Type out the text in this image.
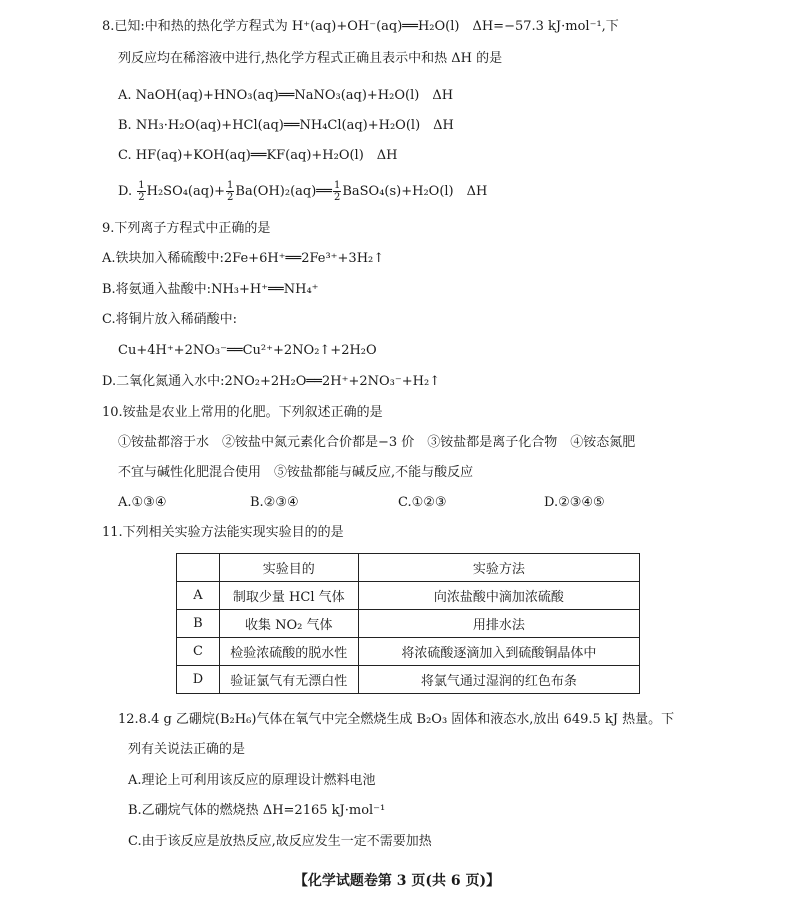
8.已知:中和热的热化学方程式为 H⁺(aq)+OH⁻(aq)══H₂O(l)　ΔH=−57.3 kJ·mol⁻¹,下
列反应均在稀溶液中进行,热化学方程式正确且表示中和热 ΔH 的是
A. NaOH(aq)+HNO₃(aq)══NaNO₃(aq)+H₂O(l)　ΔH
B. NH₃·H₂O(aq)+HCl(aq)══NH₄Cl(aq)+H₂O(l)　ΔH
C. HF(aq)+KOH(aq)══KF(aq)+H₂O(l)　ΔH
D. $\frac{1}{2} H_2SO_4(aq)+ \frac{1}{2}$ Ba(OH)₂(aq)══ $\frac{1}{2}$ BaSO₄(s)+H₂O(l)　ΔH
9.下列离子方程式中正确的是
A.铁块加入稀硫酸中:2Fe+6H⁺══2Fe³⁺+3H₂↑
B.将氨通入盐酸中:NH₃+H⁺══NH₄⁺
C.将铜片放入稀硝酸中:
Cu+4H⁺+2NO₃⁻══Cu²⁺+2NO₂↑+2H₂O
D.二氧化氮通入水中:2NO₂+2H₂O══2H⁺+2NO₃⁻+H₂↑
10.铵盐是农业上常用的化肥。下列叙述正确的是
①铵盐都溶于水　②铵盐中氮元素化合价都是−3 价　③铵盐都是离子化合物　④铵态氮肥
不宜与碱性化肥混合使用　⑤铵盐都能与碱反应,不能与酸反应
A.①③④	B.②③④	C.①②③	D.②③④⑤
11.下列相关实验方法能实现实验目的的是
	实验目的	实验方法
A	制取少量 HCl 气体	向浓盐酸中滴加浓硫酸
B	收集 NO₂ 气体	用排水法
C	检验浓硫酸的脱水性	将浓硫酸逐滴加入到硫酸铜晶体中
D	验证氯气有无漂白性	将氯气通过湿润的红色布条
12.8.4 g 乙硼烷(B₂H₆)气体在氧气中完全燃烧生成 B₂O₃ 固体和液态水,放出 649.5 kJ 热量。下
列有关说法正确的是
A.理论上可利用该反应的原理设计燃料电池
B.乙硼烷气体的燃烧热 ΔH=2165 kJ·mol⁻¹
C.由于该反应是放热反应,故反应发生一定不需要加热
【化学试题卷第 3 页(共 6 页)】
